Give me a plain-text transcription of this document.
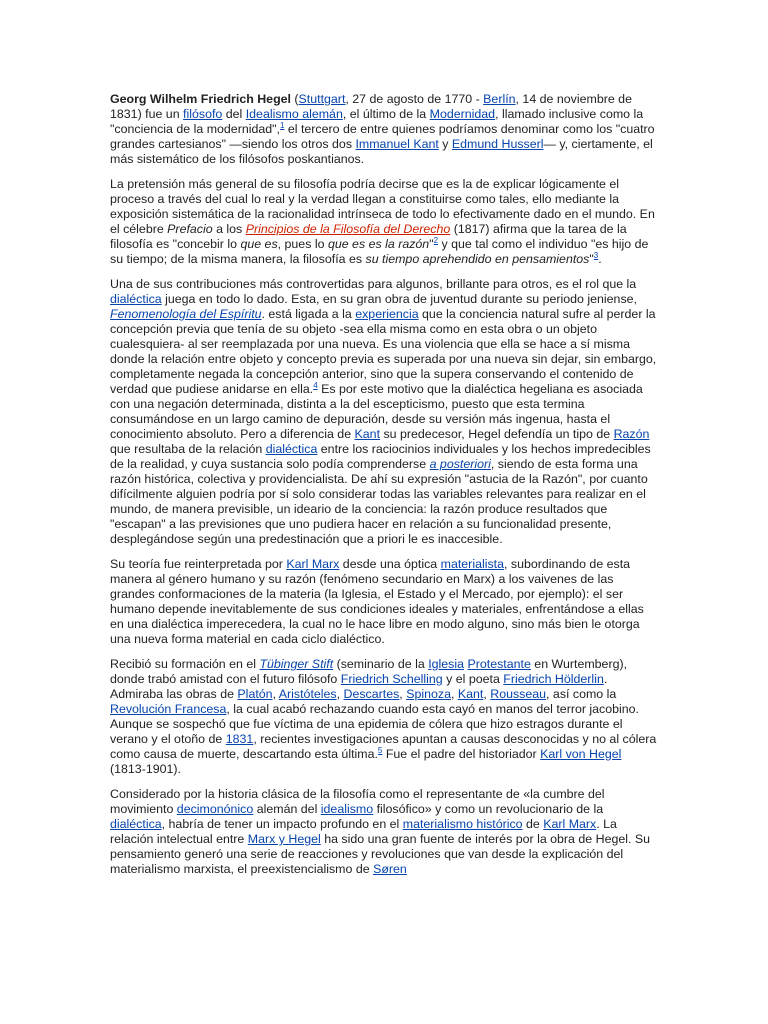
Georg Wilhelm Friedrich Hegel (Stuttgart, 27 de agosto de 1770 - Berlín, 14 de noviembre de 1831) fue un filósofo del Idealismo alemán, el último de la Modernidad, llamado inclusive como la "conciencia de la modernidad",$^1$ el tercero de entre quienes podríamos denominar como los "cuatro grandes cartesianos" —siendo los otros dos Immanuel Kant y Edmund Husserl— y, ciertamente, el más sistemático de los filósofos poskantianos.

La pretensión más general de su filosofía podría decirse que es la de explicar lógicamente el proceso a través del cual lo real y la verdad llegan a constituirse como tales, ello mediante la exposición sistemática de la racionalidad intrínseca de todo lo efectivamente dado en el mundo. En el célebre Prefacio a los Principios de la Filosofía del Derecho (1817) afirma que la tarea de la filosofía es "concebir lo que es, pues lo que es es la razón"$^2$ y que tal como el individuo "es hijo de su tiempo; de la misma manera, la filosofía es su tiempo aprehendido en pensamientos"$^3$.

Una de sus contribuciones más controvertidas para algunos, brillante para otros, es el rol que la dialéctica juega en todo lo dado. Esta, en su gran obra de juventud durante su periodo jeniense, Fenomenología del Espíritu. está ligada a la experiencia que la conciencia natural sufre al perder la concepción previa que tenía de su objeto -sea ella misma como en esta obra o un objeto cualesquiera- al ser reemplazada por una nueva. Es una violencia que ella se hace a sí misma donde la relación entre objeto y concepto previa es superada por una nueva sin dejar, sin embargo, completamente negada la concepción anterior, sino que la supera conservando el contenido de verdad que pudiese anidarse en ella.$^4$ Es por este motivo que la dialéctica hegeliana es asociada con una negación determinada, distinta a la del escepticismo, puesto que esta termina consumándose en un largo camino de depuración, desde su versión más ingenua, hasta el conocimiento absoluto. Pero a diferencia de Kant su predecesor, Hegel defendía un tipo de Razón que resultaba de la relación dialéctica entre los raciocinios individuales y los hechos impredecibles de la realidad, y cuya sustancia solo podía comprenderse a posteriori, siendo de esta forma una razón histórica, colectiva y providencialista. De ahí su expresión "astucia de la Razón", por cuanto difícilmente alguien podría por sí solo considerar todas las variables relevantes para realizar en el mundo, de manera previsible, un ideario de la conciencia: la razón produce resultados que "escapan" a las previsiones que uno pudiera hacer en relación a su funcionalidad presente, desplegándose según una predestinación que a priori le es inaccesible.

Su teoría fue reinterpretada por Karl Marx desde una óptica materialista, subordinando de esta manera al género humano y su razón (fenómeno secundario en Marx) a los vaivenes de las grandes conformaciones de la materia (la Iglesia, el Estado y el Mercado, por ejemplo): el ser humano depende inevitablemente de sus condiciones ideales y materiales, enfrentándose a ellas en una dialéctica imperecedera, la cual no le hace libre en modo alguno, sino más bien le otorga una nueva forma material en cada ciclo dialéctico.

Recibió su formación en el Tübinger Stift (seminario de la Iglesia Protestante en Wurtemberg), donde trabó amistad con el futuro filósofo Friedrich Schelling y el poeta Friedrich Hölderlin. Admiraba las obras de Platón, Aristóteles, Descartes, Spinoza, Kant, Rousseau, así como la Revolución Francesa, la cual acabó rechazando cuando esta cayó en manos del terror jacobino. Aunque se sospechó que fue víctima de una epidemia de cólera que hizo estragos durante el verano y el otoño de 1831, recientes investigaciones apuntan a causas desconocidas y no al cólera como causa de muerte, descartando esta última.$^5$ Fue el padre del historiador Karl von Hegel (1813-1901).

Considerado por la historia clásica de la filosofía como el representante de «la cumbre del movimiento decimonónico alemán del idealismo filosófico» y como un revolucionario de la dialéctica, habría de tener un impacto profundo en el materialismo histórico de Karl Marx. La relación intelectual entre Marx y Hegel ha sido una gran fuente de interés por la obra de Hegel. Su pensamiento generó una serie de reacciones y revoluciones que van desde la explicación del materialismo marxista, el preexistencialismo de Søren
